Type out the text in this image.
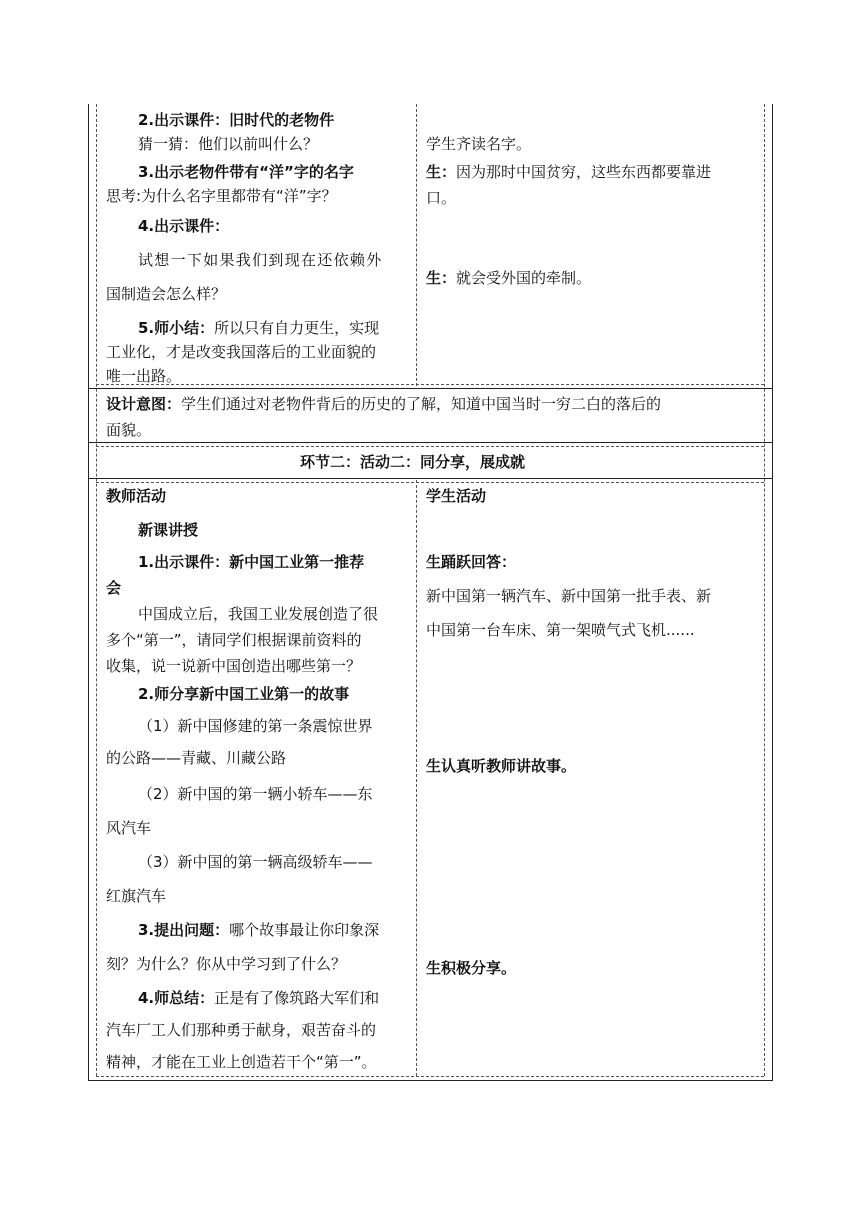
2.出示课件：旧时代的老物件
猜一猜：他们以前叫什么？
3.出示老物件带有“洋”字的名字
思考:为什么名字里都带有“洋”字？
4.出示课件：
试想一下如果我们到现在还依赖外
国制造会怎么样？
5.师小结：所以只有自力更生，实现
工业化，才是改变我国落后的工业面貌的
唯一出路。
学生齐读名字。
生：因为那时中国贫穷，这些东西都要靠进
口。
生：就会受外国的牵制。
设计意图：学生们通过对老物件背后的历史的了解，知道中国当时一穷二白的落后的
面貌。
环节二：活动二：同分享，展成就
教师活动	学生活动
新课讲授
1.出示课件：新中国工业第一推荐
会
中国成立后，我国工业发展创造了很
多个“第一”，请同学们根据课前资料的
收集，说一说新中国创造出哪些第一？
2.师分享新中国工业第一的故事
（1）新中国修建的第一条震惊世界
的公路——青藏、川藏公路
（2）新中国的第一辆小轿车——东
风汽车
（3）新中国的第一辆高级轿车——
红旗汽车
3.提出问题：哪个故事最让你印象深
刻？为什么？你从中学习到了什么？
4.师总结：正是有了像筑路大军们和
汽车厂工人们那种勇于献身，艰苦奋斗的
精神，才能在工业上创造若干个“第一”。
生踊跃回答：
新中国第一辆汽车、新中国第一批手表、新
中国第一台车床、第一架喷气式飞机......
生认真听教师讲故事。
生积极分享。
